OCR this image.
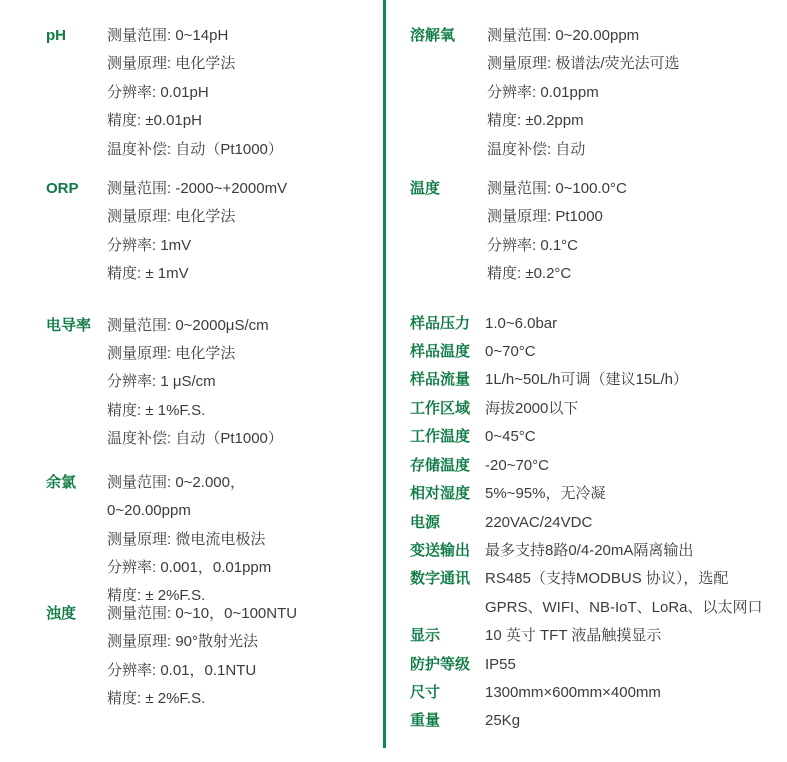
pH	测量范围: 0~14pH
测量原理: 电化学法
分辨率: 0.01pH
精度: ±0.01pH
温度补偿: 自动（Pt1000）
ORP	测量范围: -2000~+2000mV
测量原理: 电化学法
分辨率: 1mV
精度: ± 1mV
电导率	测量范围: 0~2000μS/cm
测量原理: 电化学法
分辨率: 1 μS/cm
精度: ± 1%F.S.
温度补偿: 自动（Pt1000）
余氯	测量范围: 0~2.000，
0~20.00ppm
测量原理: 微电流电极法
分辨率: 0.001，0.01ppm
精度: ± 2%F.S.
浊度	测量范围: 0~10，0~100NTU
测量原理: 90°散射光法
分辨率: 0.01，0.1NTU
精度: ± 2%F.S.
溶解氧	测量范围: 0~20.00ppm
测量原理: 极谱法/荧光法可选
分辨率: 0.01ppm
精度: ±0.2ppm
温度补偿: 自动
温度	测量范围: 0~100.0°C
测量原理: Pt1000
分辨率: 0.1°C
精度: ±0.2°C
样品压力 1.0~6.0bar
样品温度 0~70°C
样品流量 1L/h~50L/h可调（建议15L/h）
工作区域 海拔2000以下
工作温度 0~45°C
存储温度 -20~70°C
相对湿度 5%~95%，无冷凝
电源	220VAC/24VDC
变送输出 最多支持8路0/4-20mA隔离输出
数字通讯 RS485（支持MODBUS 协议），选配
GPRS、WIFI、NB-IoT、LoRa、以太网口
显示	10 英寸 TFT 液晶触摸显示
防护等级 IP55
尺寸	1300mm×600mm×400mm
重量	25Kg
